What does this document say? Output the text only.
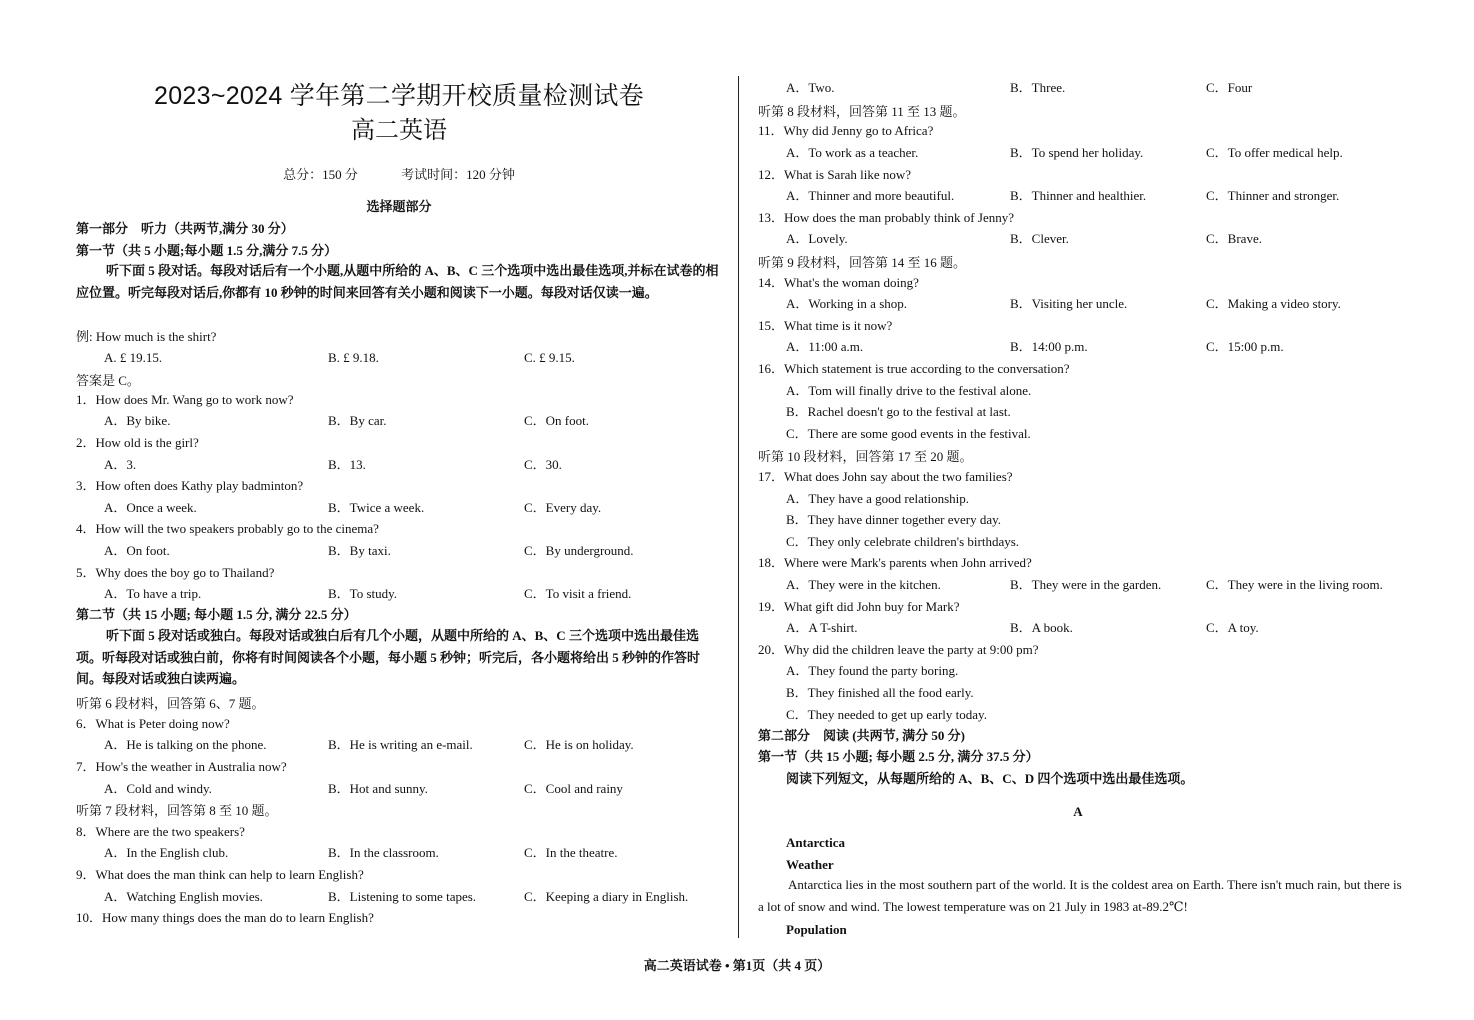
2023~2024 学年第二学期开校质量检测试卷
高二英语
总分：150 分	考试时间：120 分钟
选择题部分
第一部分　听力（共两节,满分 30 分）
第一节（共 5 小题;每小题 1.5 分,满分 7.5 分）
听下面 5 段对话。每段对话后有一个小题,从题中所给的 A、B、C 三个选项中选出最佳选项,并标在试卷的相应位置。听完每段对话后,你都有 10 秒钟的时间来回答有关小题和阅读下一小题。每段对话仅读一遍。
例: How much is the shirt?
A. £ 19.15.	B. £ 9.18.	C. £ 9.15.
答案是 C。
1．How does Mr. Wang go to work now?
A．By bike.	B．By car.	C．On foot.
2．How old is the girl?
A．3.	B．13.	C．30.
3．How often does Kathy play badminton?
A．Once a week.	B．Twice a week.	C．Every day.
4．How will the two speakers probably go to the cinema?
A．On foot.	B．By taxi.	C．By underground.
5．Why does the boy go to Thailand?
A．To have a trip.	B．To study.	C．To visit a friend.
第二节（共 15 小题; 每小题 1.5 分, 满分 22.5 分）
听下面 5 段对话或独白。每段对话或独白后有几个小题，从题中所给的 A、B、C 三个选项中选出最佳选项。听每段对话或独白前，你将有时间阅读各个小题，每小题 5 秒钟；听完后，各小题将给出 5 秒钟的作答时间。每段对话或独白读两遍。
听第 6 段材料，回答第 6、7 题。
6．What is Peter doing now?
A．He is talking on the phone.	B．He is writing an e-mail.	C．He is on holiday.
7．How's the weather in Australia now?
A．Cold and windy.	B．Hot and sunny.	C．Cool and rainy
听第 7 段材料，回答第 8 至 10 题。
8．Where are the two speakers?
A．In the English club.	B．In the classroom.	C．In the theatre.
9．What does the man think can help to learn English?
A．Watching English movies.	B．Listening to some tapes.	C．Keeping a diary in English.
10．How many things does the man do to learn English?
A．Two.	B．Three.	C．Four
听第 8 段材料，回答第 11 至 13 题。
11．Why did Jenny go to Africa?
A．To work as a teacher.	B．To spend her holiday.	C．To offer medical help.
12．What is Sarah like now?
A．Thinner and more beautiful.	B．Thinner and healthier.	C．Thinner and stronger.
13．How does the man probably think of Jenny?
A．Lovely.	B．Clever.	C．Brave.
听第 9 段材料，回答第 14 至 16 题。
14．What's the woman doing?
A．Working in a shop.	B．Visiting her uncle.	C．Making a video story.
15．What time is it now?
A．11:00 a.m.	B．14:00 p.m.	C．15:00 p.m.
16．Which statement is true according to the conversation?
A．Tom will finally drive to the festival alone.
B．Rachel doesn't go to the festival at last.
C．There are some good events in the festival.
听第 10 段材料，回答第 17 至 20 题。
17．What does John say about the two families?
A．They have a good relationship.
B．They have dinner together every day.
C．They only celebrate children's birthdays.
18．Where were Mark's parents when John arrived?
A．They were in the kitchen.	B．They were in the garden.	C．They were in the living room.
19．What gift did John buy for Mark?
A．A T-shirt.	B．A book.	C．A toy.
20．Why did the children leave the party at 9:00 pm?
A．They found the party boring.
B．They finished all the food early.
C．They needed to get up early today.
第二部分　阅读 (共两节, 满分 50 分)
第一节（共 15 小题; 每小题 2.5 分, 满分 37.5 分）
阅读下列短文，从每题所给的 A、B、C、D 四个选项中选出最佳选项。
A
Antarctica
Weather
Antarctica lies in the most southern part of the world. It is the coldest area on Earth. There isn't much rain, but there is a lot of snow and wind. The lowest temperature was on 21 July in 1983 at-89.2℃!
Population
高二英语试卷 • 第1页（共 4 页）
